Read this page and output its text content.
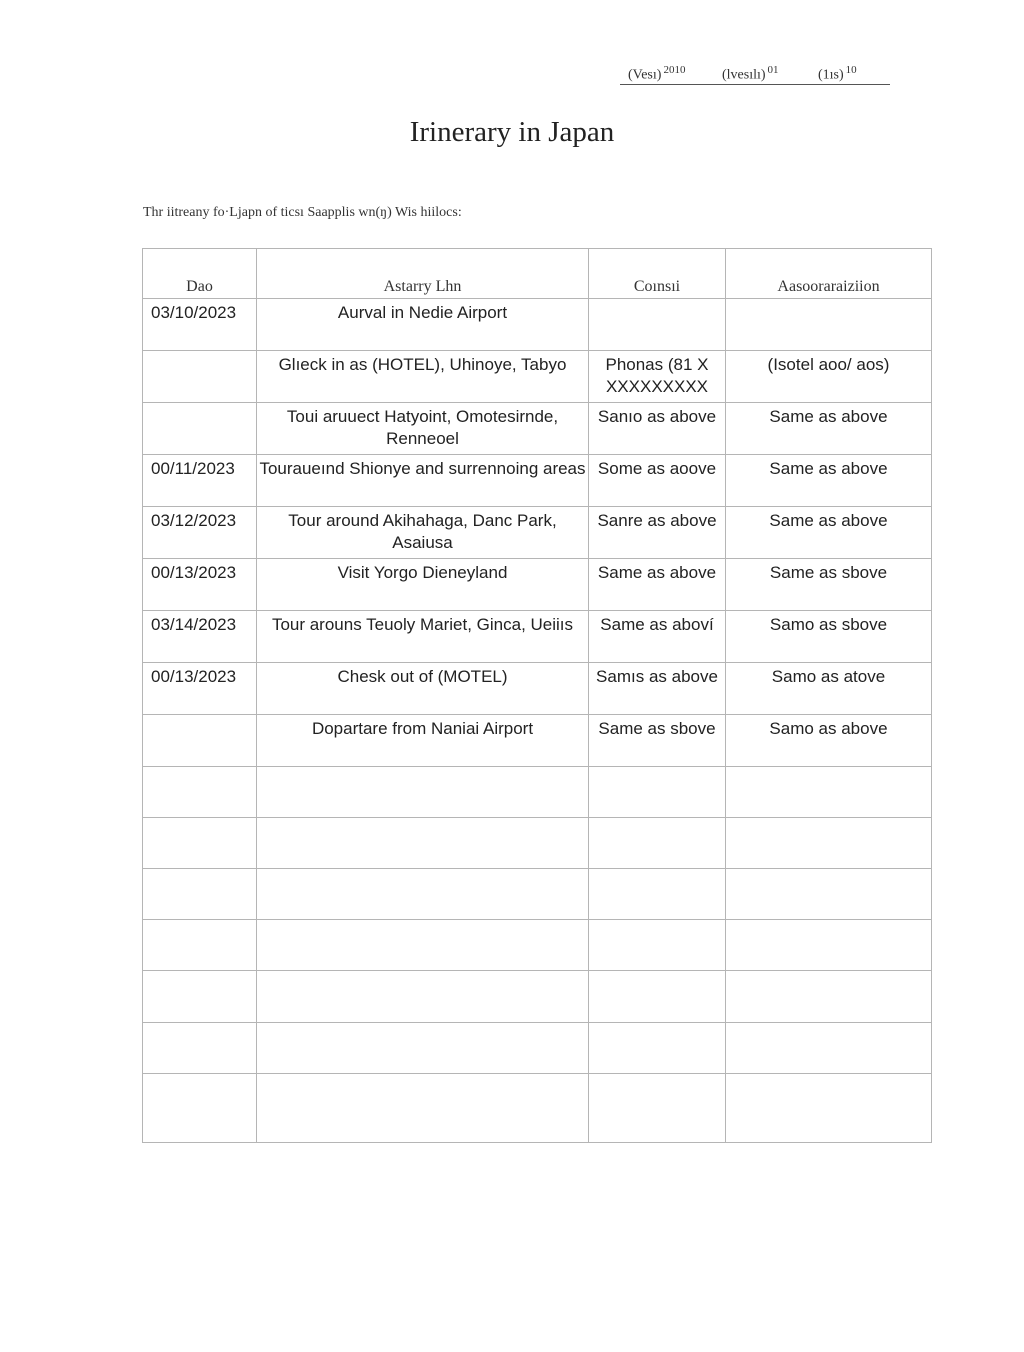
(Vesı) $^{2010}$	(lvesılı) $^{01}$	(1ıs) $^{10}$
Irinerary in Japan
Thr iitreany fo·Ljapn of ticsı Saapplis wn(ŋ) Wis hiilocs:
Dao	Astarry Lhn	Coınsıi	Aasooraraiziion
03/10/2023	Aurval in Nedie Airport		
	Glıeck in as (HOTEL), Uhinoye, Tabyo	Phonas (81 X XXXXXXXXX	(Isotel aoo/ aos)
	Toui aruuect Hatyoint, Omotesirnde, Renneoel	Sanıo as above	Same as above
00/11/2023	Touraueınd Shionye and surrennoing areas	Some as aoove	Same as above
03/12/2023	Tour around Akihahaga, Danc Park, Asaiusa	Sanre as above	Same as above
00/13/2023	Visit Yorgo Dieneyland	Same as above	Same as sbove
03/14/2023	Tour arouns Teuoly Mariet, Ginca, Ueiiıs	Same as aboví	Samo as sbove
00/13/2023	Chesk out of (MOTEL)	Samıs as above	Samo as atove
	Dopartare from Naniai Airport	Same as sbove	Samo as above
